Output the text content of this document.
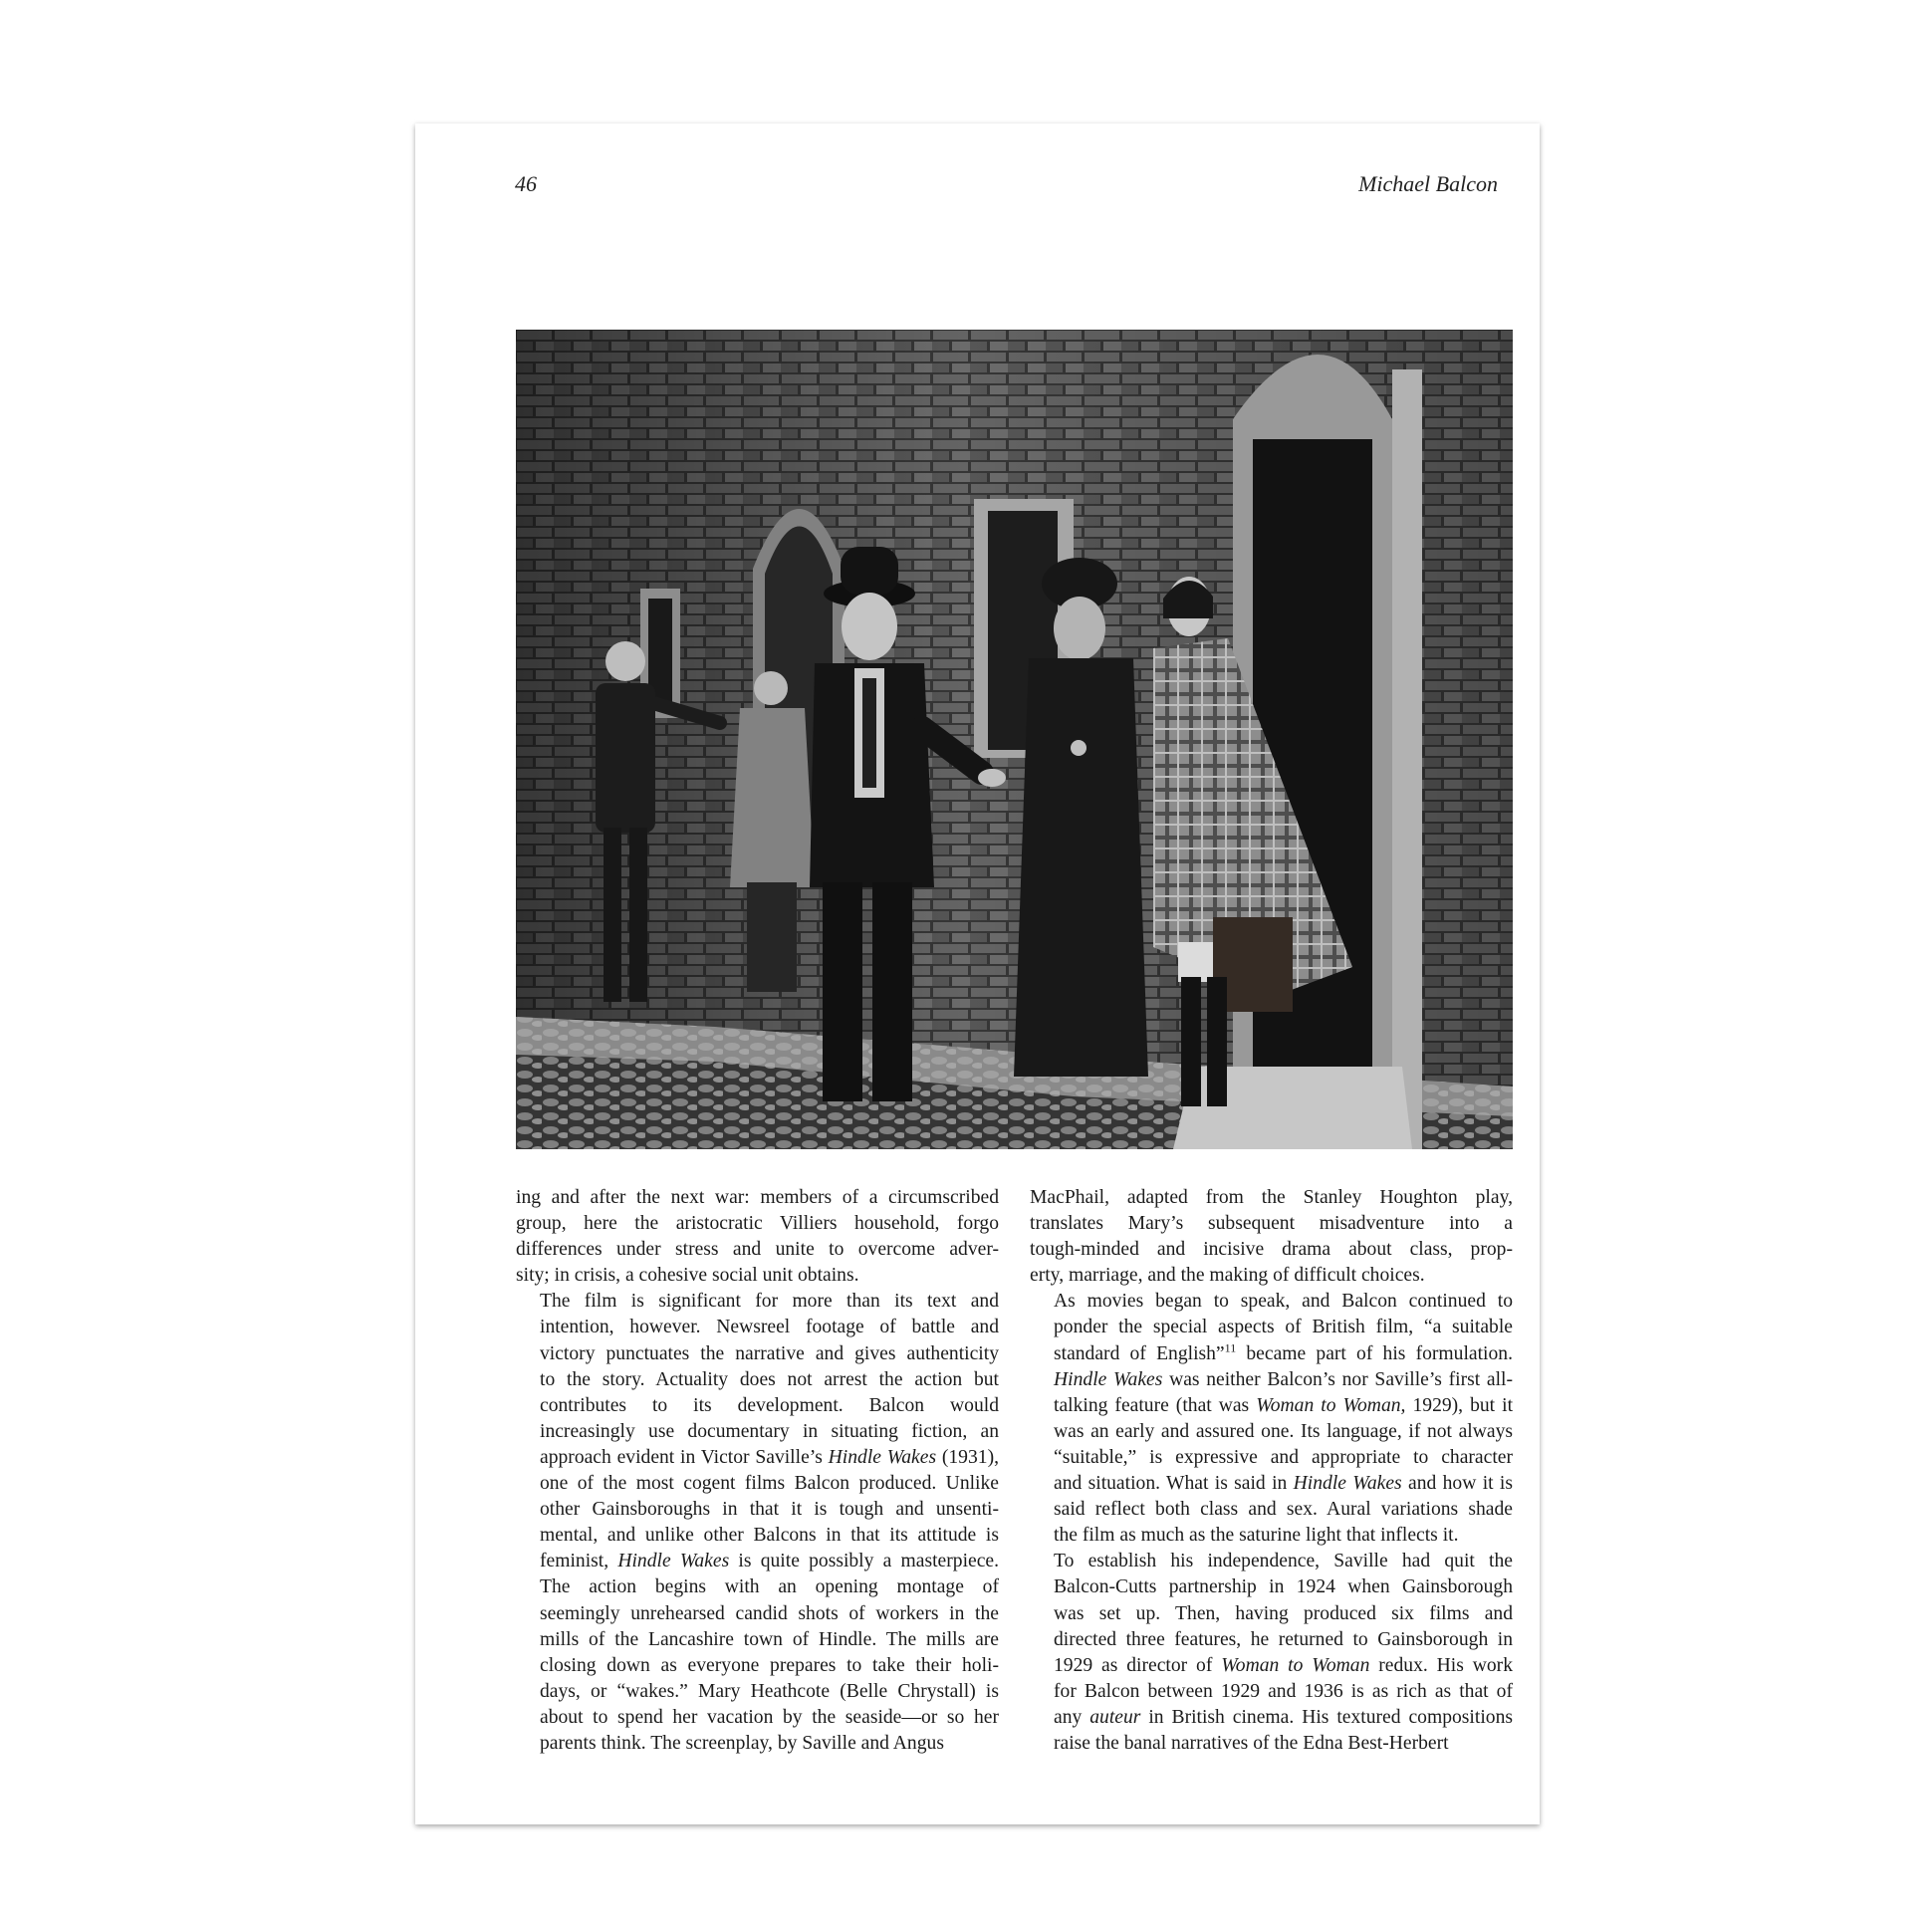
46	Michael Balcon

ing and after the next war: members of a circumscribed
group, here the aristocratic Villiers household, forgo
differences under stress and unite to overcome adver-
sity; in crisis, a cohesive social unit obtains.

The film is significant for more than its text and
intention, however. Newsreel footage of battle and
victory punctuates the narrative and gives authenticity
to the story. Actuality does not arrest the action but
contributes to its development. Balcon would
increasingly use documentary in situating fiction, an
approach evident in Victor Saville’s Hindle Wakes (1931),
one of the most cogent films Balcon produced. Unlike
other Gainsboroughs in that it is tough and unsenti-
mental, and unlike other Balcons in that its attitude is
feminist, Hindle Wakes is quite possibly a masterpiece.
The action begins with an opening montage of
seemingly unrehearsed candid shots of workers in the
mills of the Lancashire town of Hindle. The mills are
closing down as everyone prepares to take their holi-
days, or “wakes.” Mary Heathcote (Belle Chrystall) is
about to spend her vacation by the seaside—or so her
parents think. The screenplay, by Saville and Angus

MacPhail, adapted from the Stanley Houghton play,
translates Mary’s subsequent misadventure into a
tough-minded and incisive drama about class, prop-
erty, marriage, and the making of difficult choices.

As movies began to speak, and Balcon continued to
ponder the special aspects of British film, “a suitable
standard of English”$^{11}$ became part of his formulation.
Hindle Wakes was neither Balcon’s nor Saville’s first all-
talking feature (that was Woman to Woman, 1929), but it
was an early and assured one. Its language, if not always
“suitable,” is expressive and appropriate to character
and situation. What is said in Hindle Wakes and how it is
said reflect both class and sex. Aural variations shade
the film as much as the saturine light that inflects it.

To establish his independence, Saville had quit the
Balcon-Cutts partnership in 1924 when Gainsborough
was set up. Then, having produced six films and
directed three features, he returned to Gainsborough in
1929 as director of Woman to Woman redux. His work
for Balcon between 1929 and 1936 is as rich as that of
any auteur in British cinema. His textured compositions
raise the banal narratives of the Edna Best-Herbert
